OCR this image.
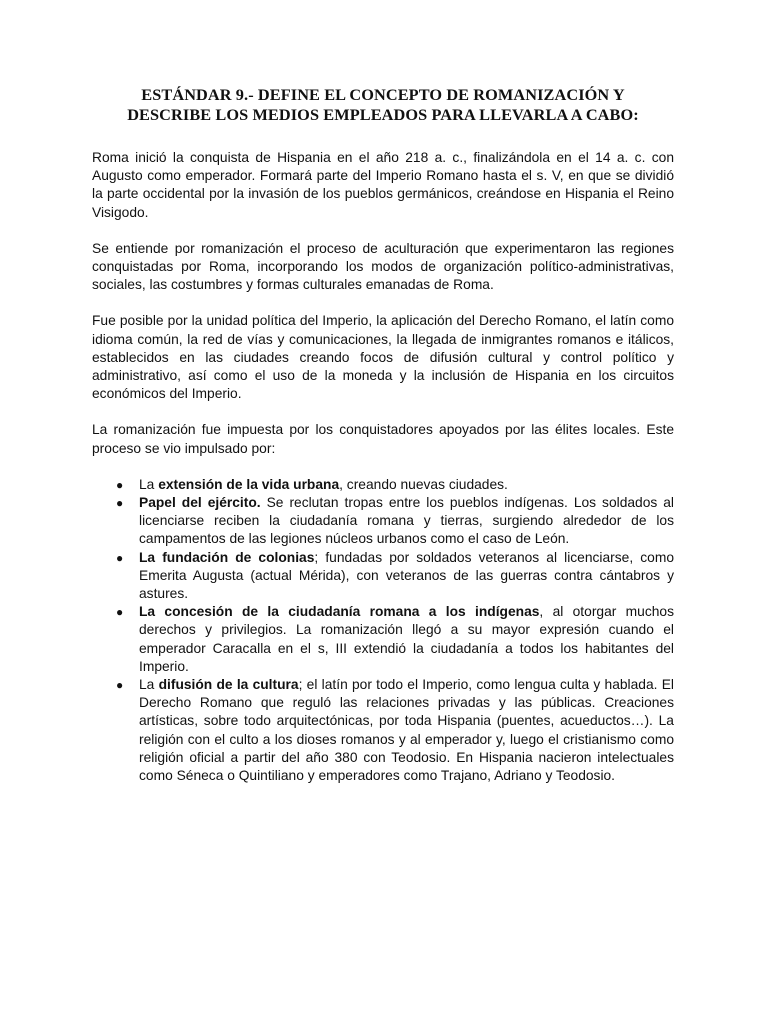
ESTÁNDAR 9.- DEFINE EL CONCEPTO DE ROMANIZACIÓN Y
DESCRIBE LOS MEDIOS EMPLEADOS PARA LLEVARLA A CABO:

Roma inició la conquista de Hispania en el año 218 a. c., finalizándola en el 14 a. c. con Augusto como emperador. Formará parte del Imperio Romano hasta el s. V, en que se dividió la parte occidental por la invasión de los pueblos germánicos, creándose en Hispania el Reino Visigodo.

Se entiende por romanización el proceso de aculturación que experimentaron las regiones conquistadas por Roma, incorporando los modos de organización político-administrativas, sociales, las costumbres y formas culturales emanadas de Roma.

Fue posible por la unidad política del Imperio, la aplicación del Derecho Romano, el latín como idioma común, la red de vías y comunicaciones, la llegada de inmigrantes romanos e itálicos, establecidos en las ciudades creando focos de difusión cultural y control político y administrativo, así como el uso de la moneda y la inclusión de Hispania en los circuitos económicos del Imperio.

La romanización fue impuesta por los conquistadores apoyados por las élites locales. Este proceso se vio impulsado por:

● La extensión de la vida urbana, creando nuevas ciudades.
● Papel del ejército. Se reclutan tropas entre los pueblos indígenas. Los soldados al licenciarse reciben la ciudadanía romana y tierras, surgiendo alrededor de los campamentos de las legiones núcleos urbanos como el caso de León.
● La fundación de colonias; fundadas por soldados veteranos al licenciarse, como Emerita Augusta (actual Mérida), con veteranos de las guerras contra cántabros y astures.
● La concesión de la ciudadanía romana a los indígenas, al otorgar muchos derechos y privilegios. La romanización llegó a su mayor expresión cuando el emperador Caracalla en el s, III extendió la ciudadanía a todos los habitantes del Imperio.
● La difusión de la cultura; el latín por todo el Imperio, como lengua culta y hablada. El Derecho Romano que reguló las relaciones privadas y las públicas. Creaciones artísticas, sobre todo arquitectónicas, por toda Hispania (puentes, acueductos…). La religión con el culto a los dioses romanos y al emperador y, luego el cristianismo como religión oficial a partir del año 380 con Teodosio. En Hispania nacieron intelectuales como Séneca o Quintiliano y emperadores como Trajano, Adriano y Teodosio.
